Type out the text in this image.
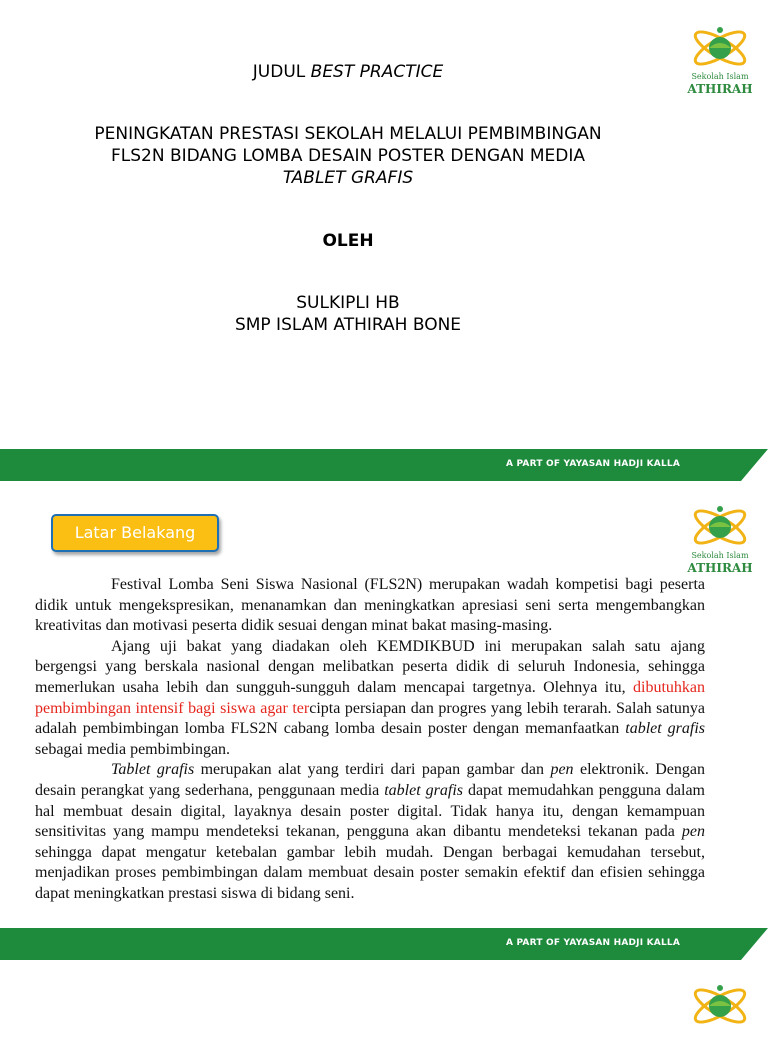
JUDUL BEST PRACTICE
PENINGKATAN PRESTASI SEKOLAH MELALUI PEMBIMBINGAN
FLS2N BIDANG LOMBA DESAIN POSTER DENGAN MEDIA
TABLET GRAFIS
OLEH
SULKIPLI HB
SMP ISLAM ATHIRAH BONE
Sekolah Islam
ATHIRAH
A PART OF YAYASAN HADJI KALLA
Sekolah Islam
ATHIRAH
Latar Belakang

Festival Lomba Seni Siswa Nasional (FLS2N) merupakan wadah kompetisi bagi peserta didik untuk mengekspresikan, menanamkan dan meningkatkan apresiasi seni serta mengembangkan kreativitas dan motivasi peserta didik sesuai dengan minat bakat masing-masing.

Ajang uji bakat yang diadakan oleh KEMDIKBUD ini merupakan salah satu ajang bergengsi yang berskala nasional dengan melibatkan peserta didik di seluruh Indonesia, sehingga memerlukan usaha lebih dan sungguh-sungguh dalam mencapai targetnya. Olehnya itu, dibutuhkan pembimbingan intensif bagi siswa agar tercipta persiapan dan progres yang lebih terarah. Salah satunya adalah pembimbingan lomba FLS2N cabang lomba desain poster dengan memanfaatkan tablet grafis sebagai media pembimbingan.

Tablet grafis merupakan alat yang terdiri dari papan gambar dan pen elektronik. Dengan desain perangkat yang sederhana, penggunaan media tablet grafis dapat memudahkan pengguna dalam hal membuat desain digital, layaknya desain poster digital. Tidak hanya itu, dengan kemampuan sensitivitas yang mampu mendeteksi tekanan, pengguna akan dibantu mendeteksi tekanan pada pen sehingga dapat mengatur ketebalan gambar lebih mudah. Dengan berbagai kemudahan tersebut, menjadikan proses pembimbingan dalam membuat desain poster semakin efektif dan efisien sehingga dapat meningkatkan prestasi siswa di bidang seni.

A PART OF YAYASAN HADJI KALLA
